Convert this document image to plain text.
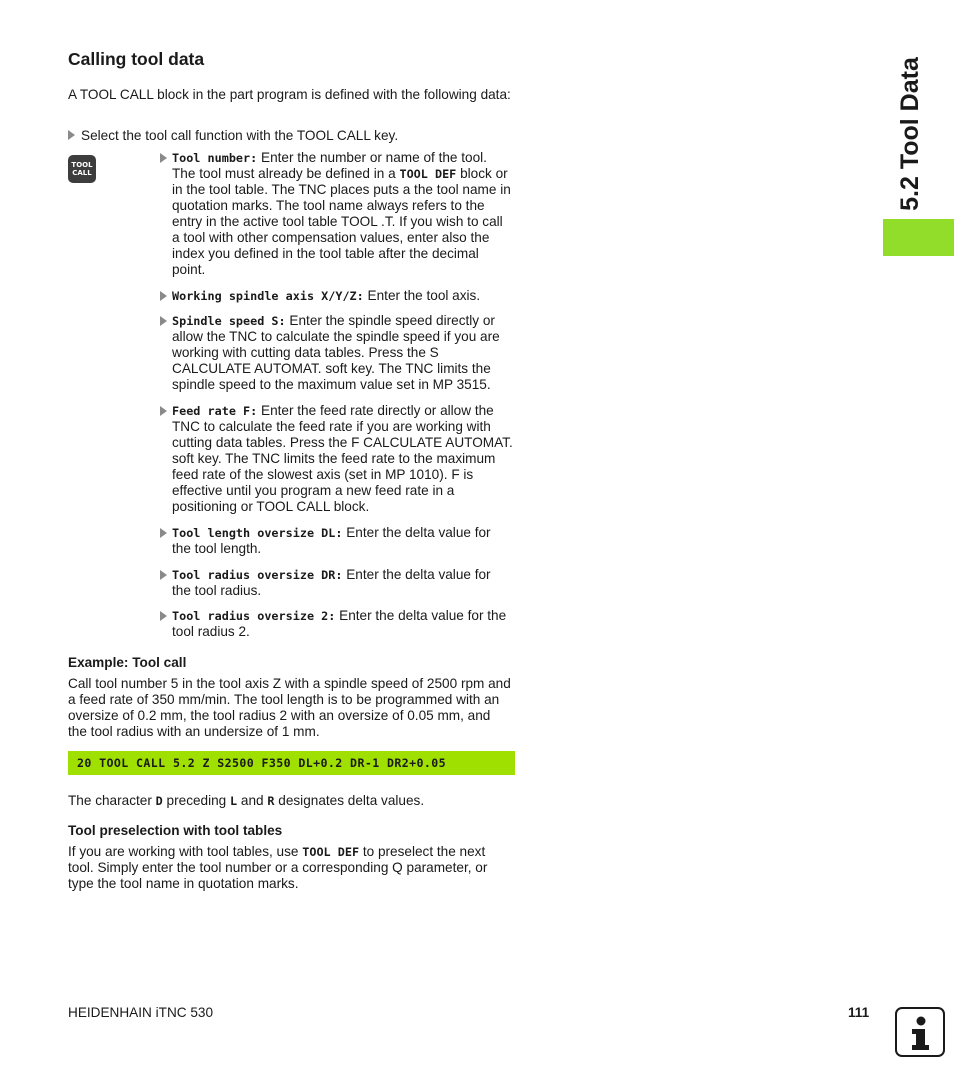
Calling tool data

A TOOL CALL block in the part program is defined with the following data:

Select the tool call function with the TOOL CALL key.
TOOL
CALL
Tool number: Enter the number or name of the tool. The tool must already be defined in a TOOL DEF block or in the tool table. The TNC places puts a the tool name in quotation marks. The tool name always refers to the entry in the active tool table TOOL .T. If you wish to call a tool with other compensation values, enter also the index you defined in the tool table after the decimal point.
Working spindle axis X/Y/Z: Enter the tool axis.
Spindle speed S: Enter the spindle speed directly or allow the TNC to calculate the spindle speed if you are working with cutting data tables. Press the S CALCULATE AUTOMAT. soft key. The TNC limits the spindle speed to the maximum value set in MP 3515.
Feed rate F: Enter the feed rate directly or allow the TNC to calculate the feed rate if you are working with cutting data tables. Press the F CALCULATE AUTOMAT. soft key. The TNC limits the feed rate to the maximum feed rate of the slowest axis (set in MP 1010). F is effective until you program a new feed rate in a positioning or TOOL CALL block.
Tool length oversize DL: Enter the delta value for the tool length.
Tool radius oversize DR: Enter the delta value for the tool radius.
Tool radius oversize 2: Enter the delta value for the tool radius 2.
Example: Tool call

Call tool number 5 in the tool axis Z with a spindle speed of 2500 rpm and a feed rate of 350 mm/min. The tool length is to be programmed with an oversize of 0.2 mm, the tool radius 2 with an oversize of 0.05 mm, and the tool radius with an undersize of 1 mm.

20 TOOL CALL 5.2 Z S2500 F350 DL+0.2 DR-1 DR2+0.05

The character D preceding L and R designates delta values.

Tool preselection with tool tables

If you are working with tool tables, use TOOL DEF to preselect the next tool. Simply enter the tool number or a corresponding Q parameter, or type the tool name in quotation marks.

5.2 Tool Data
HEIDENHAIN iTNC 530	111
